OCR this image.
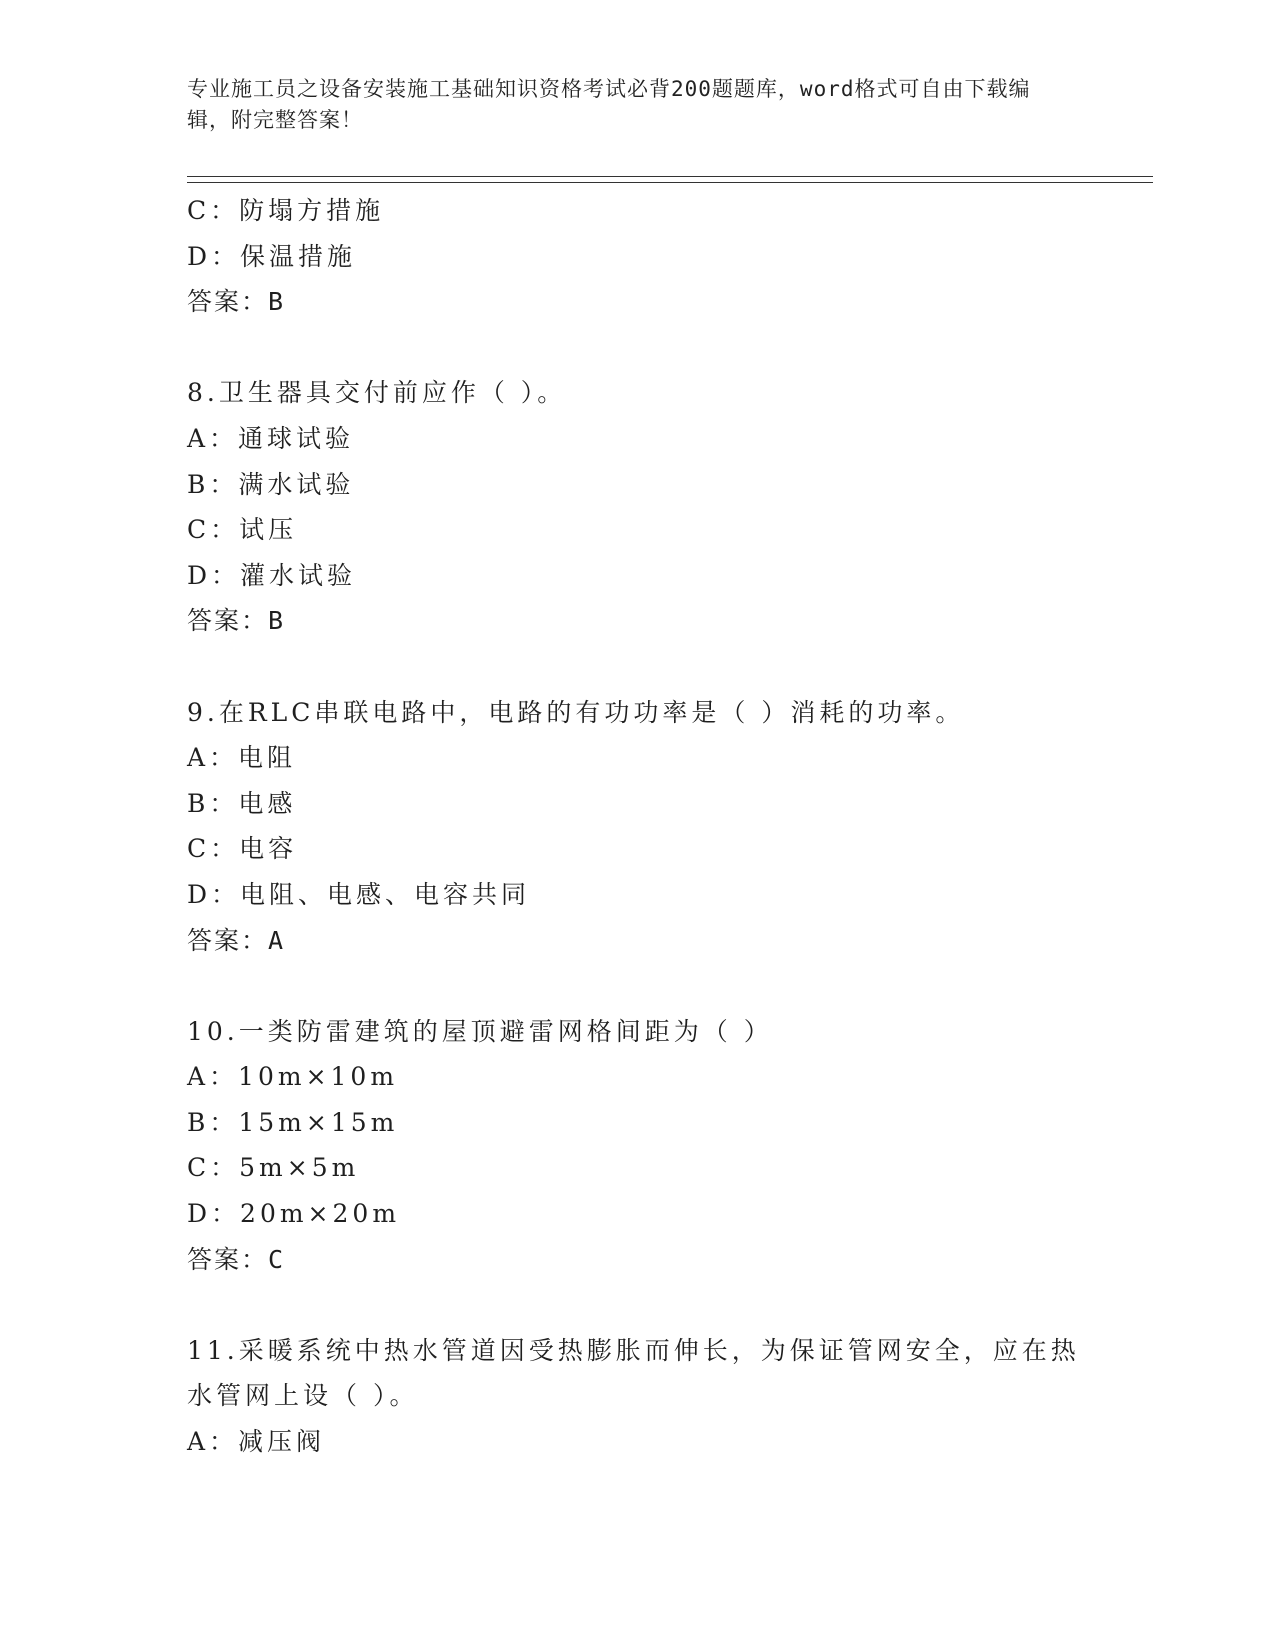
专业施工员之设备安装施工基础知识资格考试必背200题题库，word格式可自由下载编辑，附完整答案！
C：防塌方措施
D：保温措施
答案：B
8.卫生器具交付前应作（ ）。
A：通球试验
B：满水试验
C：试压
D：灌水试验
答案：B
9.在RLC串联电路中，电路的有功功率是（ ）消耗的功率。
A：电阻
B：电感
C：电容
D：电阻、电感、电容共同
答案：A
10.一类防雷建筑的屋顶避雷网格间距为（ ）
A：10m×10m
B：15m×15m
C：5m×5m
D：20m×20m
答案：C
11.采暖系统中热水管道因受热膨胀而伸长，为保证管网安全，应在热
水管网上设（ ）。
A：减压阀
